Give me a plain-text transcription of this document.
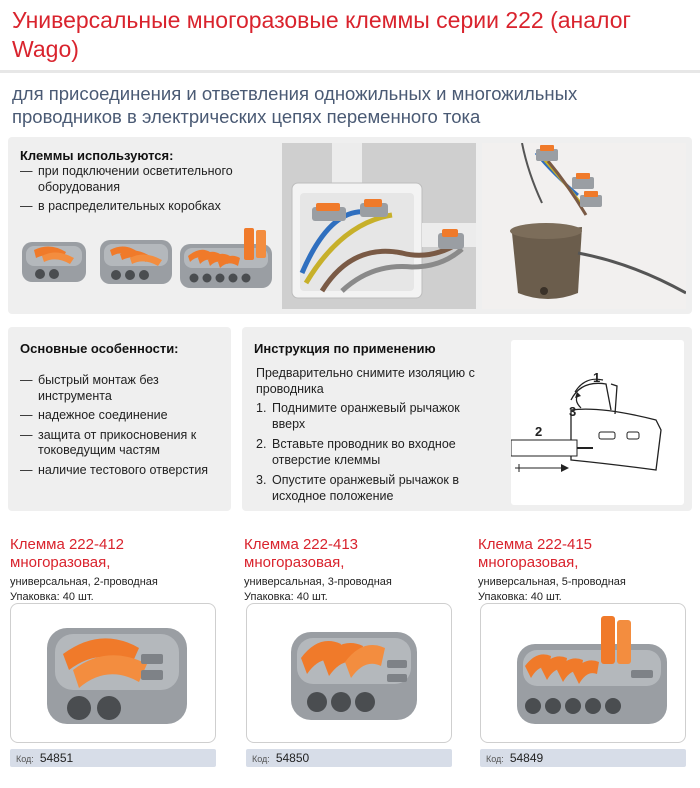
Универсальные многоразовые клеммы серии 222 (аналог Wago)
для присоединения и ответвления одножильных и многожильных проводников в электрических цепях переменного тока
Клеммы используются:
— при подключении осветительного оборудования
— в распределительных коробках
Основные особенности:
— быстрый монтаж без инструмента
— надежное соединение
— защита от прикосновения к токоведущим частям
— наличие тестового отверстия
Инструкция по применению
Предварительно снимите изоляцию с проводника
1. Поднимите оранжевый рычажок вверх
2. Вставьте проводник во входное отверстие клеммы
3. Опустите оранжевый рычажок в исходное положение
1
2
3
Клемма 222-412 многоразовая,
универсальная, 2-проводная
Упаковка: 40 шт.
Клемма 222-413 многоразовая,
универсальная, 3-проводная
Упаковка: 40 шт.
Клемма 222-415 многоразовая,
универсальная, 5-проводная
Упаковка: 40 шт.
Код: 54851	Код: 54850	Код: 54849
